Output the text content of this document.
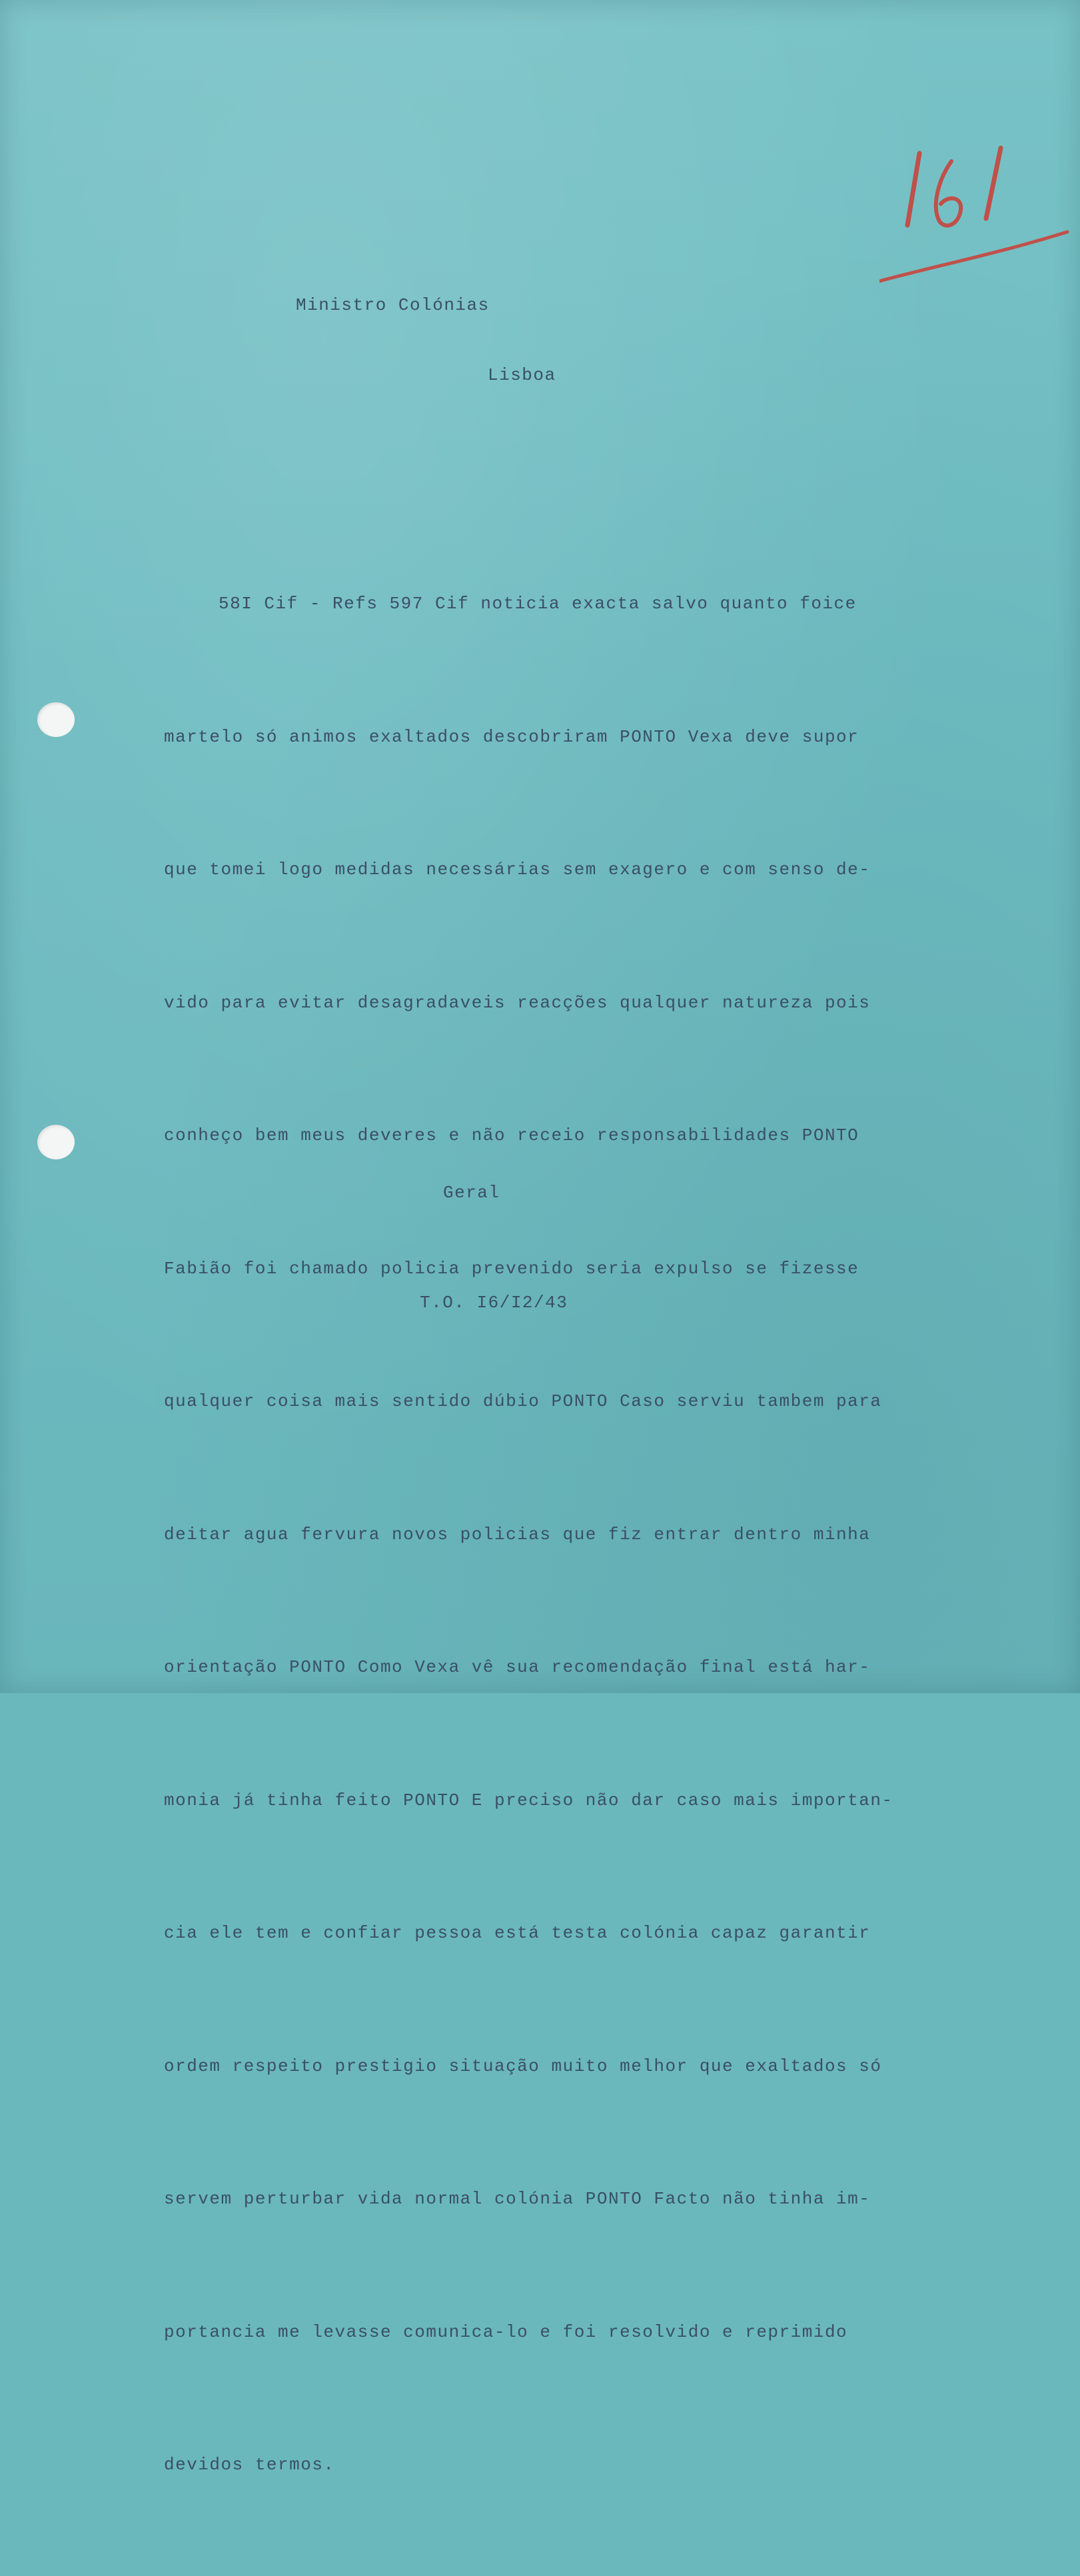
Ministro Colónias
Lisboa

58I Cif - Refs 597 Cif noticia exacta salvo quanto foice

martelo só animos exaltados descobriram PONTO Vexa deve supor

que tomei logo medidas necessárias sem exagero e com senso de-

vido para evitar desagradaveis reacções qualquer natureza pois

conheço bem meus deveres e não receio responsabilidades PONTO

Fabião foi chamado policia prevenido seria expulso se fizesse

qualquer coisa mais sentido dúbio PONTO Caso serviu tambem para

deitar agua fervura novos policias que fiz entrar dentro minha

orientação PONTO Como Vexa vê sua recomendação final está har-

monia já tinha feito PONTO E preciso não dar caso mais importan-

cia ele tem e confiar pessoa está testa colónia capaz garantir

ordem respeito prestigio situação muito melhor que exaltados só

servem perturbar vida normal colónia PONTO Facto não tinha im-

portancia me levasse comunica-lo e foi resolvido e reprimido

devidos termos.

Geral
T.O. I6/I2/43
